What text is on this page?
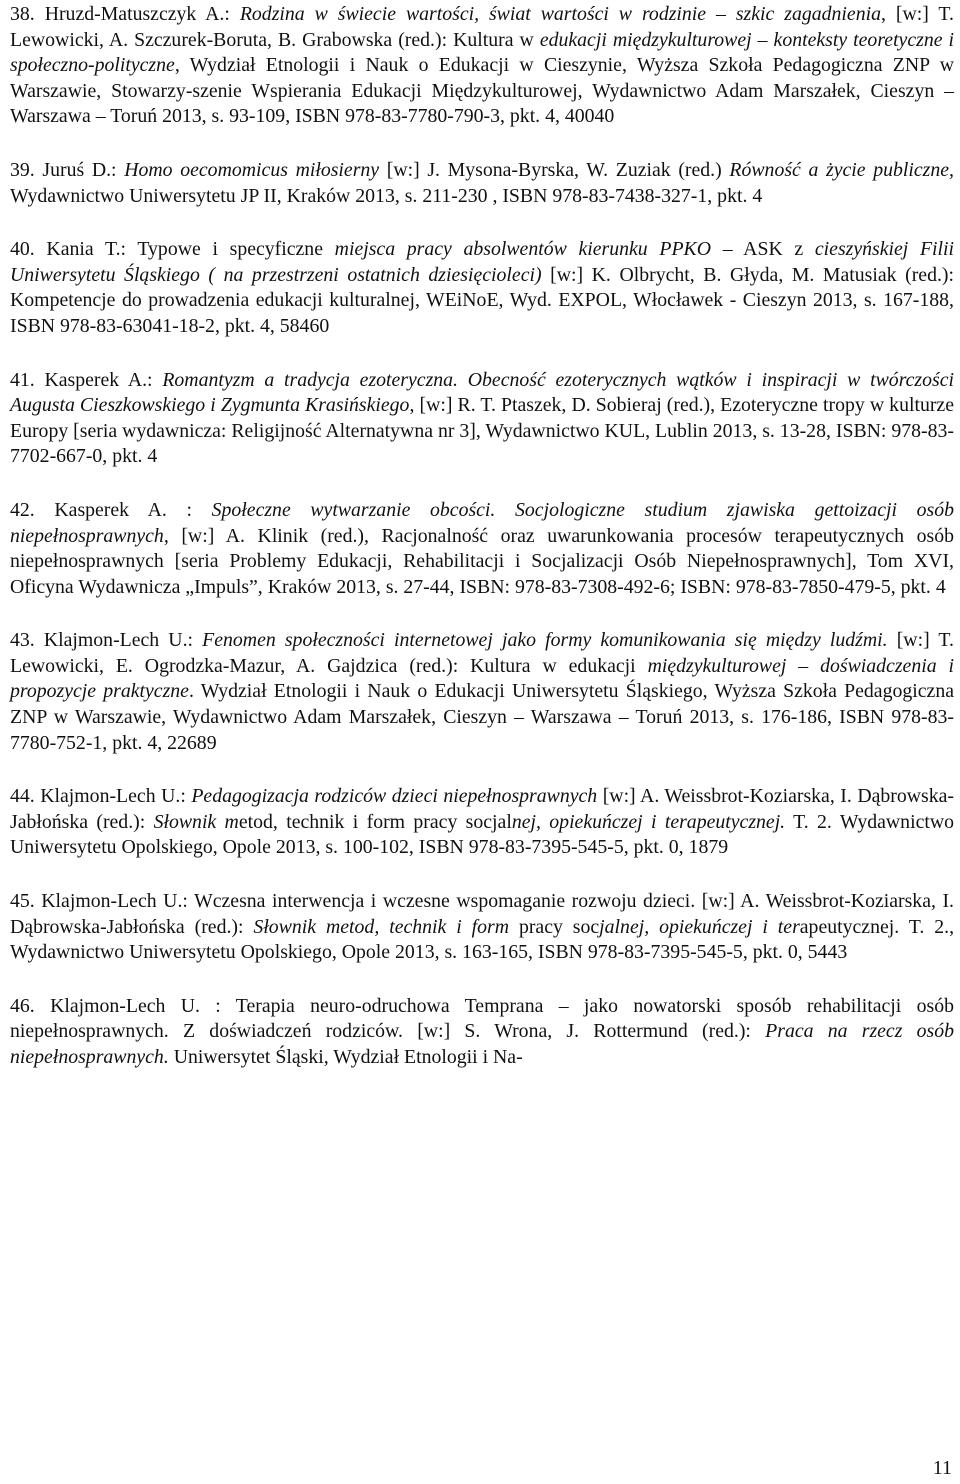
38. Hruzd-Matuszczyk A.: Rodzina w świecie wartości, świat wartości w rodzinie – szkic zagadnienia, [w:] T. Lewowicki, A. Szczurek-Boruta, B. Grabowska (red.): Kultura w edukacji międzykulturowej – konteksty teoretyczne i społeczno-polityczne, Wydział Etnologii i Nauk o Edukacji w Cieszynie, Wyższa Szkoła Pedagogiczna ZNP w Warszawie, Stowarzy-szenie Wspierania Edukacji Międzykulturowej, Wydawnictwo Adam Marszałek, Cieszyn – Warszawa – Toruń 2013, s. 93-109, ISBN 978-83-7780-790-3, pkt. 4, 40040

39. Juruś D.: Homo oecomomicus miłosierny [w:] J. Mysona-Byrska, W. Zuziak (red.) Równość a życie publiczne, Wydawnictwo Uniwersytetu JP II, Kraków 2013, s. 211-230 , ISBN 978-83-7438-327-1, pkt. 4

40. Kania T.: Typowe i specyficzne miejsca pracy absolwentów kierunku PPKO – ASK z cieszyńskiej Filii Uniwersytetu Śląskiego ( na przestrzeni ostatnich dziesięcioleci) [w:] K. Olbrycht, B. Głyda, M. Matusiak (red.): Kompetencje do prowadzenia edukacji kulturalnej, WEiNoE, Wyd. EXPOL, Włocławek - Cieszyn 2013, s. 167-188, ISBN 978-83-63041-18-2, pkt. 4, 58460

41. Kasperek A.: Romantyzm a tradycja ezoteryczna. Obecność ezoterycznych wątków i inspiracji w twórczości Augusta Cieszkowskiego i Zygmunta Krasińskiego, [w:] R. T. Ptaszek, D. Sobieraj (red.), Ezoteryczne tropy w kulturze Europy [seria wydawnicza: Religijność Alternatywna nr 3], Wydawnictwo KUL, Lublin 2013, s. 13-28, ISBN: 978-83-7702-667-0, pkt. 4

42. Kasperek A. : Społeczne wytwarzanie obcości. Socjologiczne studium zjawiska gettoizacji osób niepełnosprawnych, [w:] A. Klinik (red.), Racjonalność oraz uwarunkowania procesów terapeutycznych osób niepełnosprawnych [seria Problemy Edukacji, Rehabilitacji i Socjalizacji Osób Niepełnosprawnych], Tom XVI, Oficyna Wydawnicza „Impuls”, Kraków 2013, s. 27-44, ISBN: 978-83-7308-492-6; ISBN: 978-83-7850-479-5, pkt. 4

43. Klajmon-Lech U.: Fenomen społeczności internetowej jako formy komunikowania się między ludźmi. [w:] T. Lewowicki, E. Ogrodzka-Mazur, A. Gajdzica (red.): Kultura w edukacji międzykulturowej – doświadczenia i propozycje praktyczne. Wydział Etnologii i Nauk o Edukacji Uniwersytetu Śląskiego, Wyższa Szkoła Pedagogiczna ZNP w Warszawie, Wydawnictwo Adam Marszałek, Cieszyn – Warszawa – Toruń 2013, s. 176-186, ISBN 978-83-7780-752-1, pkt. 4, 22689

44. Klajmon-Lech U.: Pedagogizacja rodziców dzieci niepełnosprawnych [w:] A. Weissbrot-Koziarska, I. Dąbrowska-Jabłońska (red.): Słownik metod, technik i form pracy socjalnej, opiekuńczej i terapeutycznej. T. 2. Wydawnictwo Uniwersytetu Opolskiego, Opole 2013, s. 100-102, ISBN 978-83-7395-545-5, pkt. 0, 1879

45. Klajmon-Lech U.: Wczesna interwencja i wczesne wspomaganie rozwoju dzieci. [w:] A. Weissbrot-Koziarska, I. Dąbrowska-Jabłońska (red.): Słownik metod, technik i form pracy socjalnej, opiekuńczej i terapeutycznej. T. 2., Wydawnictwo Uniwersytetu Opolskiego, Opole 2013, s. 163-165, ISBN 978-83-7395-545-5, pkt. 0, 5443

46. Klajmon-Lech U. : Terapia neuro-odruchowa Temprana – jako nowatorski sposób rehabilitacji osób niepełnosprawnych. Z doświadczeń rodziców. [w:] S. Wrona, J. Rottermund (red.): Praca na rzecz osób niepełnosprawnych. Uniwersytet Śląski, Wydział Etnologii i Na-

11
